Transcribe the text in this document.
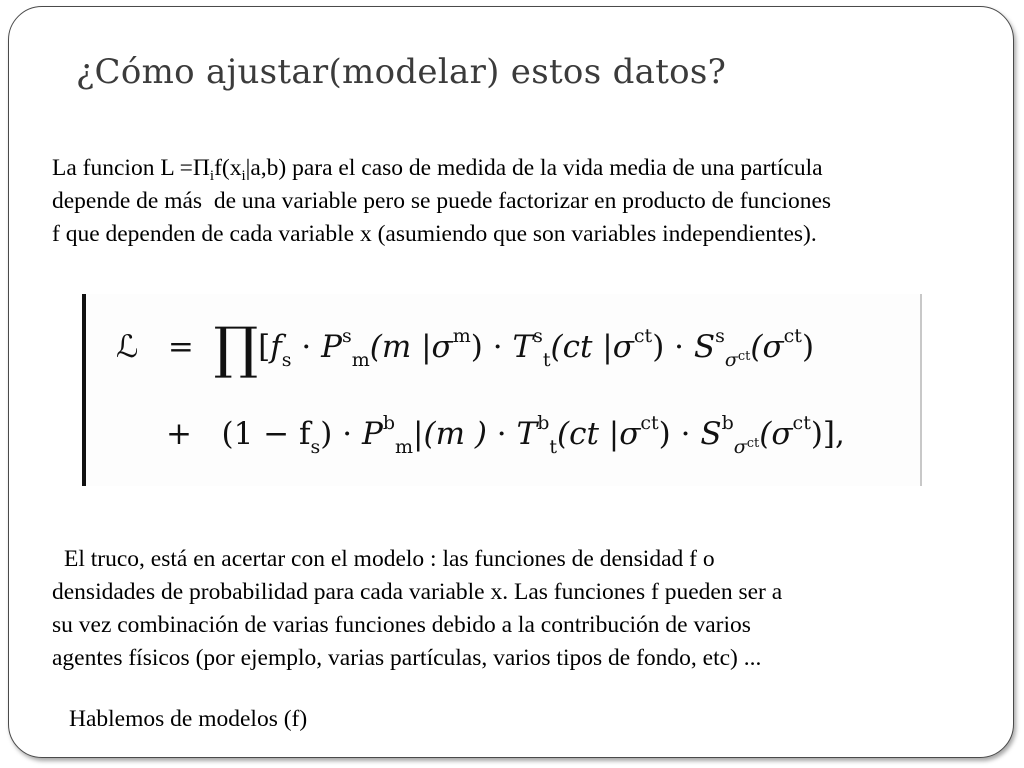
¿Cómo ajustar(modelar) estos datos?
La funcion $L =\Pi_if(x_i|a,b)$ para el caso de medida de la vida media de una partícula
depende de más  de una variable pero se puede factorizar en producto de funciones
f que dependen de cada variable x (asumiendo que son variables independientes).
ℒ = $\prod[f_s \cdot P^s_m(m$ $|\sigma^m) \cdot T^s_t(ct$ $|\sigma^{ct}) \cdot S^s_{\sigma^{ct}}(\sigma^{ct})$
+ $(1 - f_s) \cdot P^b_m|(m$ ) · $T^b_t(ct$ $|\sigma^{ct}) \cdot S^b_{\sigma^{ct}}(\sigma^{ct})$],
El truco, está en acertar con el modelo : las funciones de densidad f o
densidades de probabilidad para cada variable x. Las funciones f pueden ser a
su vez combinación de varias funciones debido a la contribución de varios
agentes físicos (por ejemplo, varias partículas, varios tipos de fondo, etc) ...
Hablemos de modelos (f)
